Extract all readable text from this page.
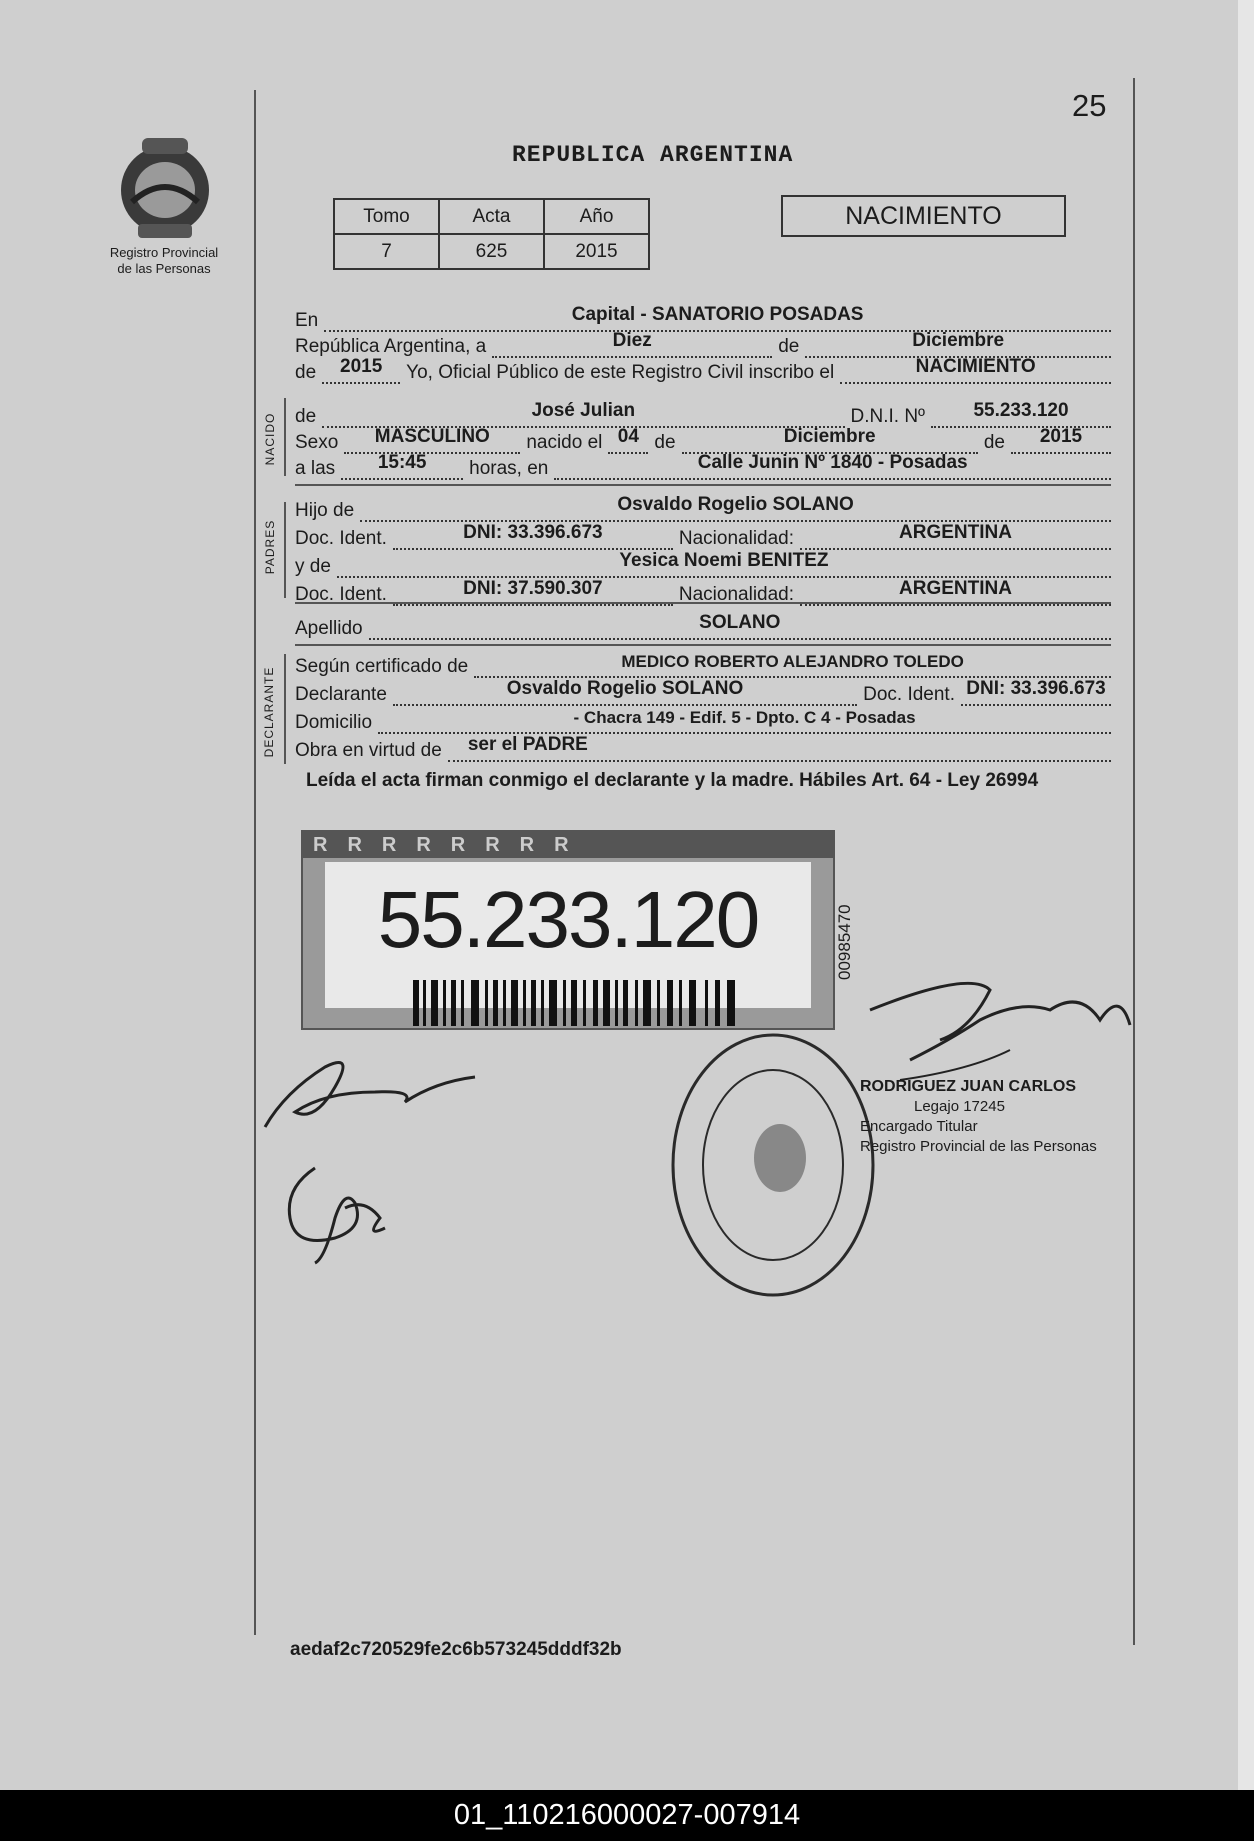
25
Registro Provincial
de las Personas
REPUBLICA ARGENTINA
Tomo	Acta	Año
7	625	2015
NACIMIENTO
En	Capital - SANATORIO POSADAS
República Argentina, a	Diez	de	Diciembre
de	2015	Yo, Oficial Público de este Registro Civil inscribo el	NACIMIENTO
NACIDO de	José Julian	D.N.I. Nº	55.233.120
Sexo	MASCULINO	nacido el 04 de	Diciembre	de	2015
a las	15:45	horas, en	Calle Junin Nº 1840 - Posadas
PADRES
Hijo de	Osvaldo Rogelio SOLANO
Doc. Ident.	DNI: 33.396.673	Nacionalidad:	ARGENTINA
y de	Yesica Noemi BENITEZ
Doc. Ident.	DNI: 37.590.307	Nacionalidad:	ARGENTINA
Apellido	SOLANO
DECLARANTE
Según certificado de	MEDICO ROBERTO ALEJANDRO TOLEDO
Declarante	Osvaldo Rogelio SOLANO	Doc. Ident. DNI: 33.396.673
Domicilio	- Chacra 149 - Edif. 5 - Dpto. C 4 - Posadas
Obra en virtud de	ser el PADRE
Leída el acta firman conmigo el declarante y la madre. Hábiles Art. 64 - Ley 26994
RRRRRRRR
55.233.120	00985470
RODRIGUEZ JUAN CARLOS
Legajo 17245
Encargado Titular
Registro Provincial de las Personas
aedaf2c720529fe2c6b573245dddf32b
01_110216000027-007914
